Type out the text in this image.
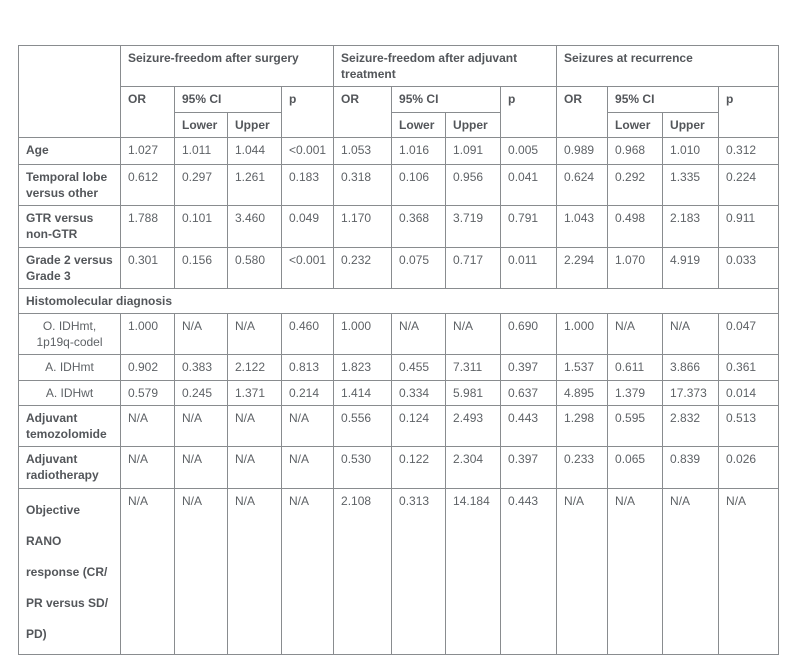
	Seizure-freedom after surgery				Seizure-freedom after adjuvant treatment				Seizures at recurrence			
	OR	95% CI		p	OR	95% CI		p	OR	95% CI		p
		Lower	Upper			Lower	Upper			Lower	Upper	
Age	1.027	1.011	1.044	<0.001	1.053	1.016	1.091	0.005	0.989	0.968	1.010	0.312
Temporal lobe versus other	0.612	0.297	1.261	0.183	0.318	0.106	0.956	0.041	0.624	0.292	1.335	0.224
GTR versus non-GTR	1.788	0.101	3.460	0.049	1.170	0.368	3.719	0.791	1.043	0.498	2.183	0.911
Grade 2 versus Grade 3	0.301	0.156	0.580	<0.001	0.232	0.075	0.717	0.011	2.294	1.070	4.919	0.033
Histomolecular diagnosis												
O. IDHmt, 1p19q-codel	1.000	N/A	N/A	0.460	1.000	N/A	N/A	0.690	1.000	N/A	N/A	0.047
A. IDHmt	0.902	0.383	2.122	0.813	1.823	0.455	7.311	0.397	1.537	0.611	3.866	0.361
A. IDHwt	0.579	0.245	1.371	0.214	1.414	0.334	5.981	0.637	4.895	1.379	17.373	0.014
Adjuvant temozolomide	N/A	N/A	N/A	N/A	0.556	0.124	2.493	0.443	1.298	0.595	2.832	0.513
Adjuvant radiotherapy	N/A	N/A	N/A	N/A	0.530	0.122	2.304	0.397	0.233	0.065	0.839	0.026
Objective
RANO
response (CR/
PR versus SD/
PD)	N/A	N/A	N/A	N/A	2.108	0.313	14.184	0.443	N/A	N/A	N/A	N/A
